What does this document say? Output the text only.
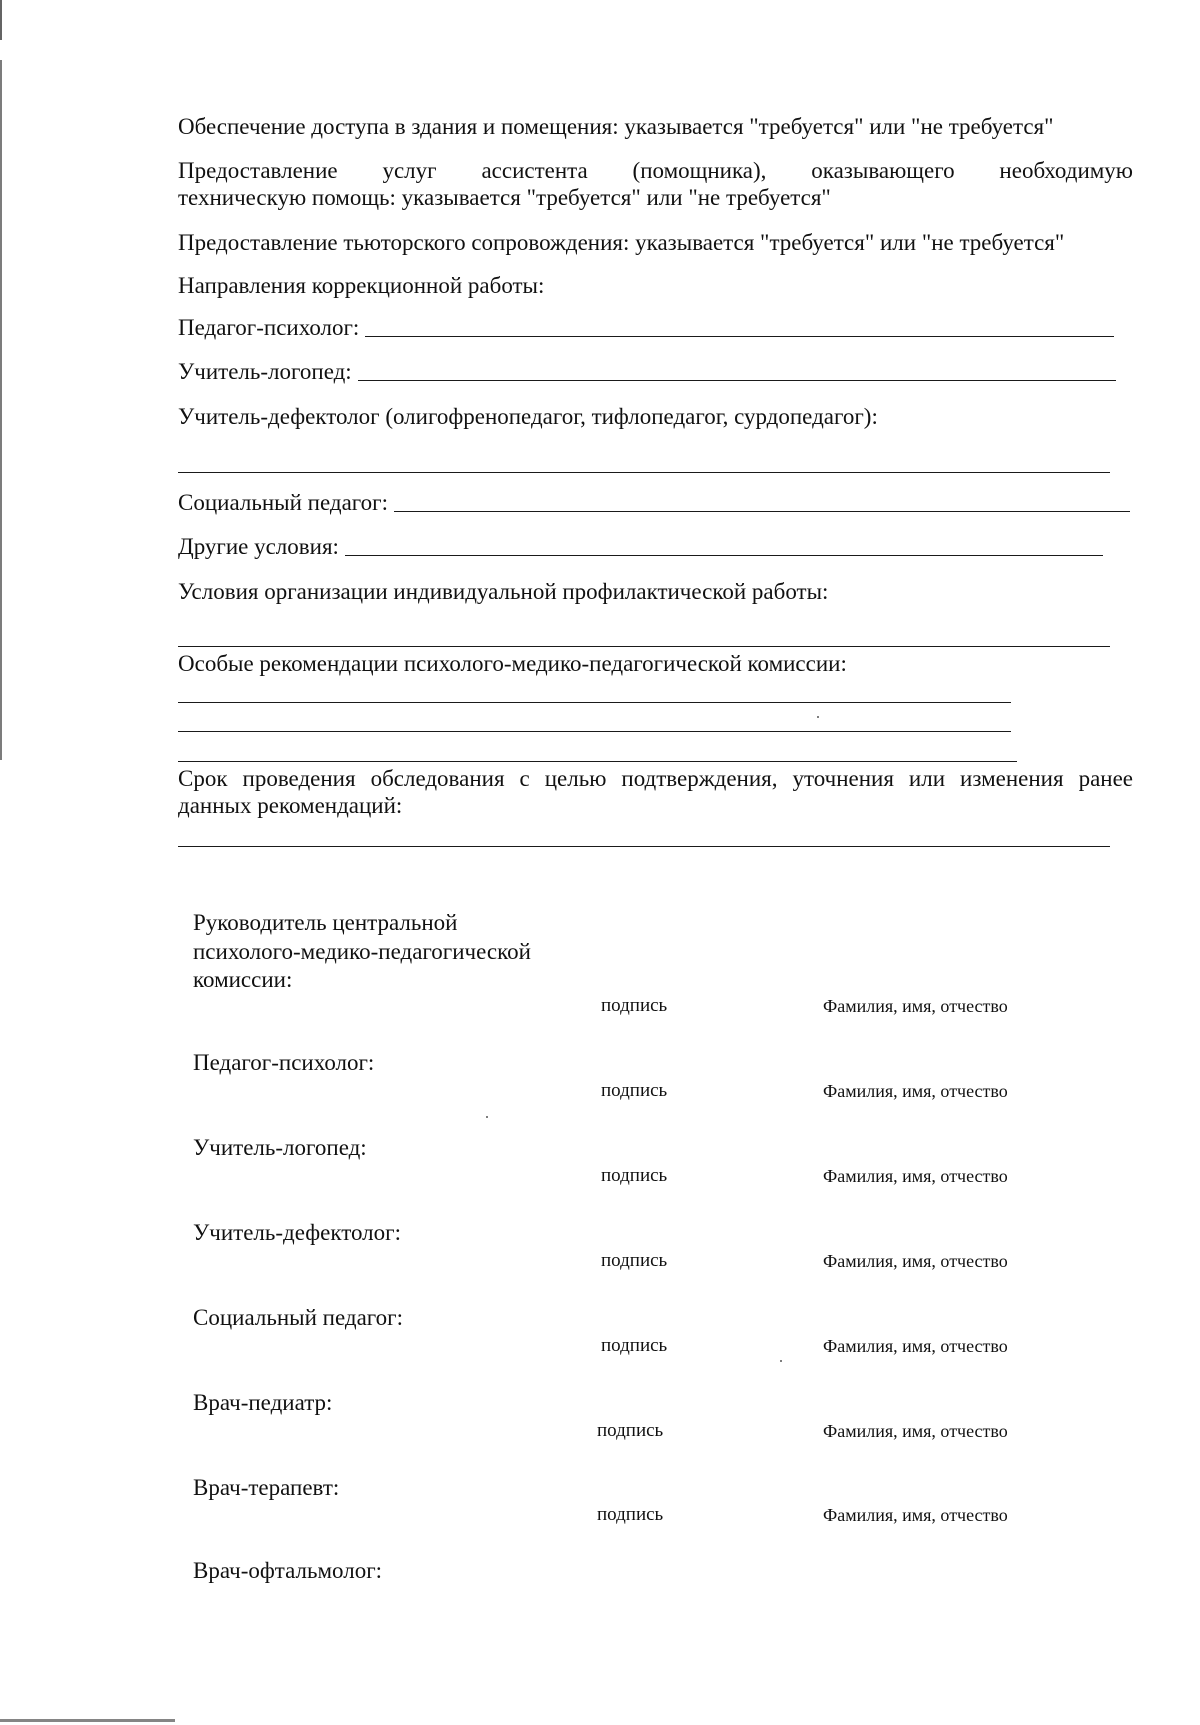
Обеспечение доступа в здания и помещения: указывается "требуется" или "не требуется"
Предоставление услуг ассистента (помощника), оказывающего необходимую
техническую помощь: указывается "требуется" или "не требуется"
Предоставление тьюторского сопровождения: указывается "требуется" или "не требуется"
Направления коррекционной работы:
Педагог-психолог:
Учитель-логопед:
Учитель-дефектолог (олигофренопедагог, тифлопедагог, сурдопедагог):
Социальный педагог:
Другие условия:
Условия организации индивидуальной профилактической работы:
Особые рекомендации психолого-медико-педагогической комиссии:
Срок проведения обследования с целью подтверждения, уточнения или изменения ранее
данных рекомендаций:
Руководитель центральной
психолого-медико-педагогической
комиссии:
подпись	Фамилия, имя, отчество
Педагог-психолог:
подпись	Фамилия, имя, отчество
Учитель-логопед:
подпись	Фамилия, имя, отчество
Учитель-дефектолог:
подпись	Фамилия, имя, отчество
Социальный педагог:
подпись	Фамилия, имя, отчество
Врач-педиатр:
подпись	Фамилия, имя, отчество
Врач-терапевт:
подпись	Фамилия, имя, отчество
Врач-офтальмолог:
